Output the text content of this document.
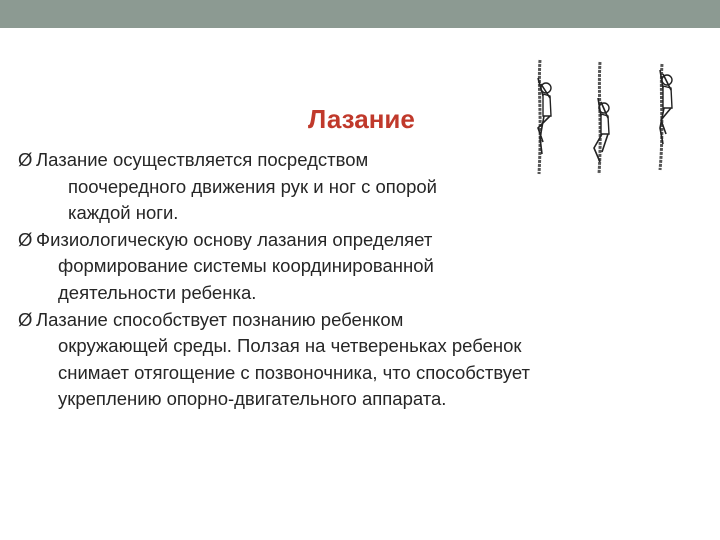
Лазание
Ø Лазание осуществляется посредством
поочередного движения рук и ног с опорой
каждой ноги.
Ø Физиологическую основу лазания определяет
формирование системы координированной
деятельности ребенка.
Ø Лазание способствует познанию ребенком
окружающей среды. Ползая на четвереньках ребенок
снимает отягощение с позвоночника, что способствует
укреплению опорно-двигательного аппарата.
